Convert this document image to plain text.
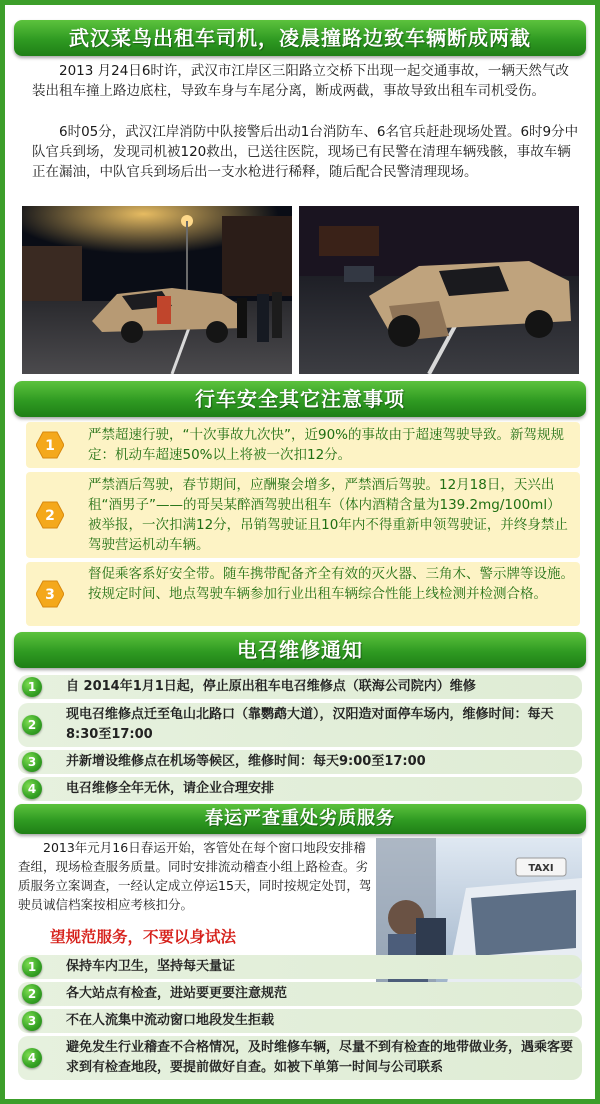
武汉菜鸟出租车司机，凌晨撞路边致车辆断成两截

2013 月24日6时许，武汉市江岸区三阳路立交桥下出现一起交通事故，一辆天然气改装出租车撞上路边底柱，导致车身与车尾分离，断成两截，事故导致出租车司机受伤。

6时05分，武汉江岸消防中队接警后出动1台消防车、6名官兵赶赴现场处置。6时9分中队官兵到场，发现司机被120救出，已送往医院，现场已有民警在清理车辆残骸，事故车辆正在漏油，中队官兵到场后出一支水枪进行稀释，随后配合民警清理现场。

行车安全其它注意事项
1
严禁超速行驶，“十次事故九次快”，近90%的事故由于超速驾驶导致。新驾规规定：机动车超速50%以上将被一次扣12分。
2
严禁酒后驾驶，春节期间，应酬聚会增多，严禁酒后驾驶。12月18日，天兴出租“酒男子”——的哥吴某醉酒驾驶出租车（体内酒精含量为139.2mg/100ml）被举报，一次扣满12分，吊销驾驶证且10年内不得重新申领驾驶证，并终身禁止驾驶营运机动车辆。
3
督促乘客系好安全带。随车携带配备齐全有效的灭火器、三角木、警示牌等设施。按规定时间、地点驾驶车辆参加行业出租车辆综合性能上线检测并检测合格。
电召维修通知
1	自 2014年1月1日起，停止原出租车电召维修点（联海公司院内）维修
2
现电召维修点迁至龟山北路口（靠鹦鹉大道），汉阳造对面停车场内，维修时间：每天8:30至17:00
3	并新增设维修点在机场等候区，维修时间：每天9:00至17:00
4	电召维修全年无休，请企业合理安排
春运严查重处劣质服务

2013年元月16日春运开始，客管处在每个窗口地段安排稽查组，现场检查服务质量。同时安排流动稽查小组上路检查。劣质服务立案调查，一经认定成立停运15天，同时按规定处罚，驾驶员诚信档案按相应考核扣分。

望规范服务，不要以身试法
TAXI
1	保持车内卫生，坚持每天量证
2	各大站点有检查，进站要更要注意规范
3	不在人流集中流动窗口地段发生拒载
4
避免发生行业稽查不合格情况，及时维修车辆，尽量不到有检查的地带做业务，遇乘客要求到有检查地段，要提前做好自查。如被下单第一时间与公司联系
